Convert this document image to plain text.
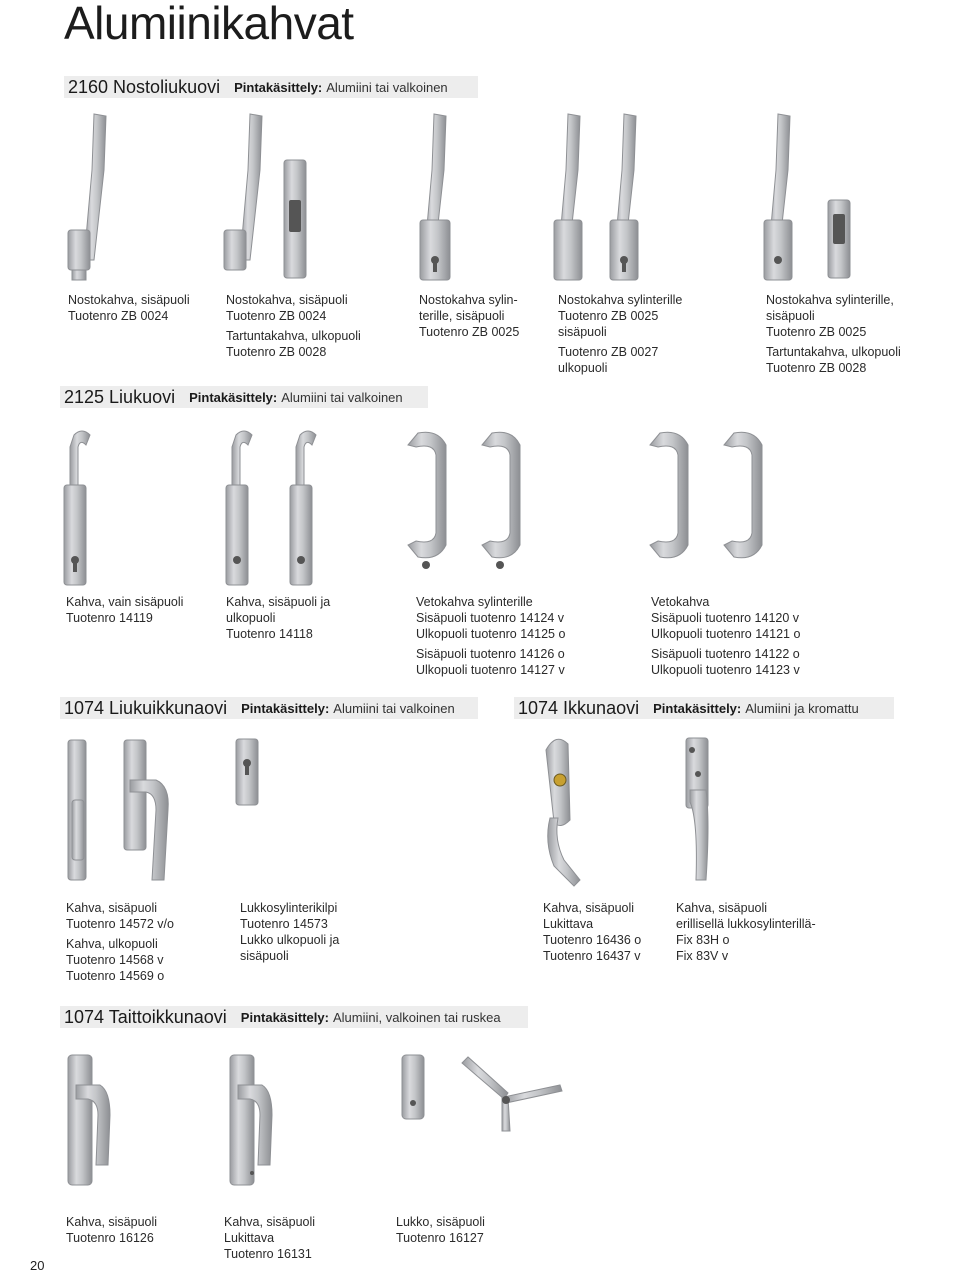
Alumiinikahvat
2160 Nostoliukuovi Pintakäsittely: Alumiini tai valkoinen
Nostokahva, sisäpuoli
Tuotenro ZB 0024
Nostokahva, sisäpuoli
Tuotenro ZB 0024
Tartuntakahva, ulkopuoli
Tuotenro ZB 0028
Nostokahva sylin-
terille, sisäpuoli
Tuotenro ZB 0025
Nostokahva sylinterille
Tuotenro ZB 0025
sisäpuoli
Tuotenro ZB 0027
ulkopuoli
Nostokahva sylinterille,
sisäpuoli
Tuotenro ZB 0025
Tartuntakahva, ulkopuoli
Tuotenro ZB 0028
2125 Liukuovi Pintakäsittely: Alumiini tai valkoinen
Kahva, vain sisäpuoli
Tuotenro 14119
Kahva, sisäpuoli ja
ulkopuoli
Tuotenro 14118
Vetokahva sylinterille
Sisäpuoli tuotenro 14124 v
Ulkopuoli tuotenro 14125 o
Sisäpuoli tuotenro 14126 o
Ulkopuoli tuotenro 14127 v
Vetokahva
Sisäpuoli tuotenro 14120 v
Ulkopuoli tuotenro 14121 o
Sisäpuoli tuotenro 14122 o
Ulkopuoli tuotenro 14123 v
1074 Liukuikkunaovi Pintakäsittely: Alumiini tai valkoinen	1074 Ikkunaovi Pintakäsittely: Alumiini ja kromattu
Kahva, sisäpuoli
Tuotenro 14572 v/o
Kahva, ulkopuoli
Tuotenro 14568 v
Tuotenro 14569 o
Lukkosylinterikilpi
Tuotenro 14573
Lukko ulkopuoli ja
sisäpuoli
Kahva, sisäpuoli
Lukittava
Tuotenro 16436 o
Tuotenro 16437 v
Kahva, sisäpuoli
erillisellä lukkosylinterillä-
Fix 83H o
Fix 83V v
1074 Taittoikkunaovi Pintakäsittely: Alumiini, valkoinen tai ruskea
Kahva, sisäpuoli
Tuotenro 16126
Kahva, sisäpuoli
Lukittava
Tuotenro 16131
Lukko, sisäpuoli
Tuotenro 16127
20
